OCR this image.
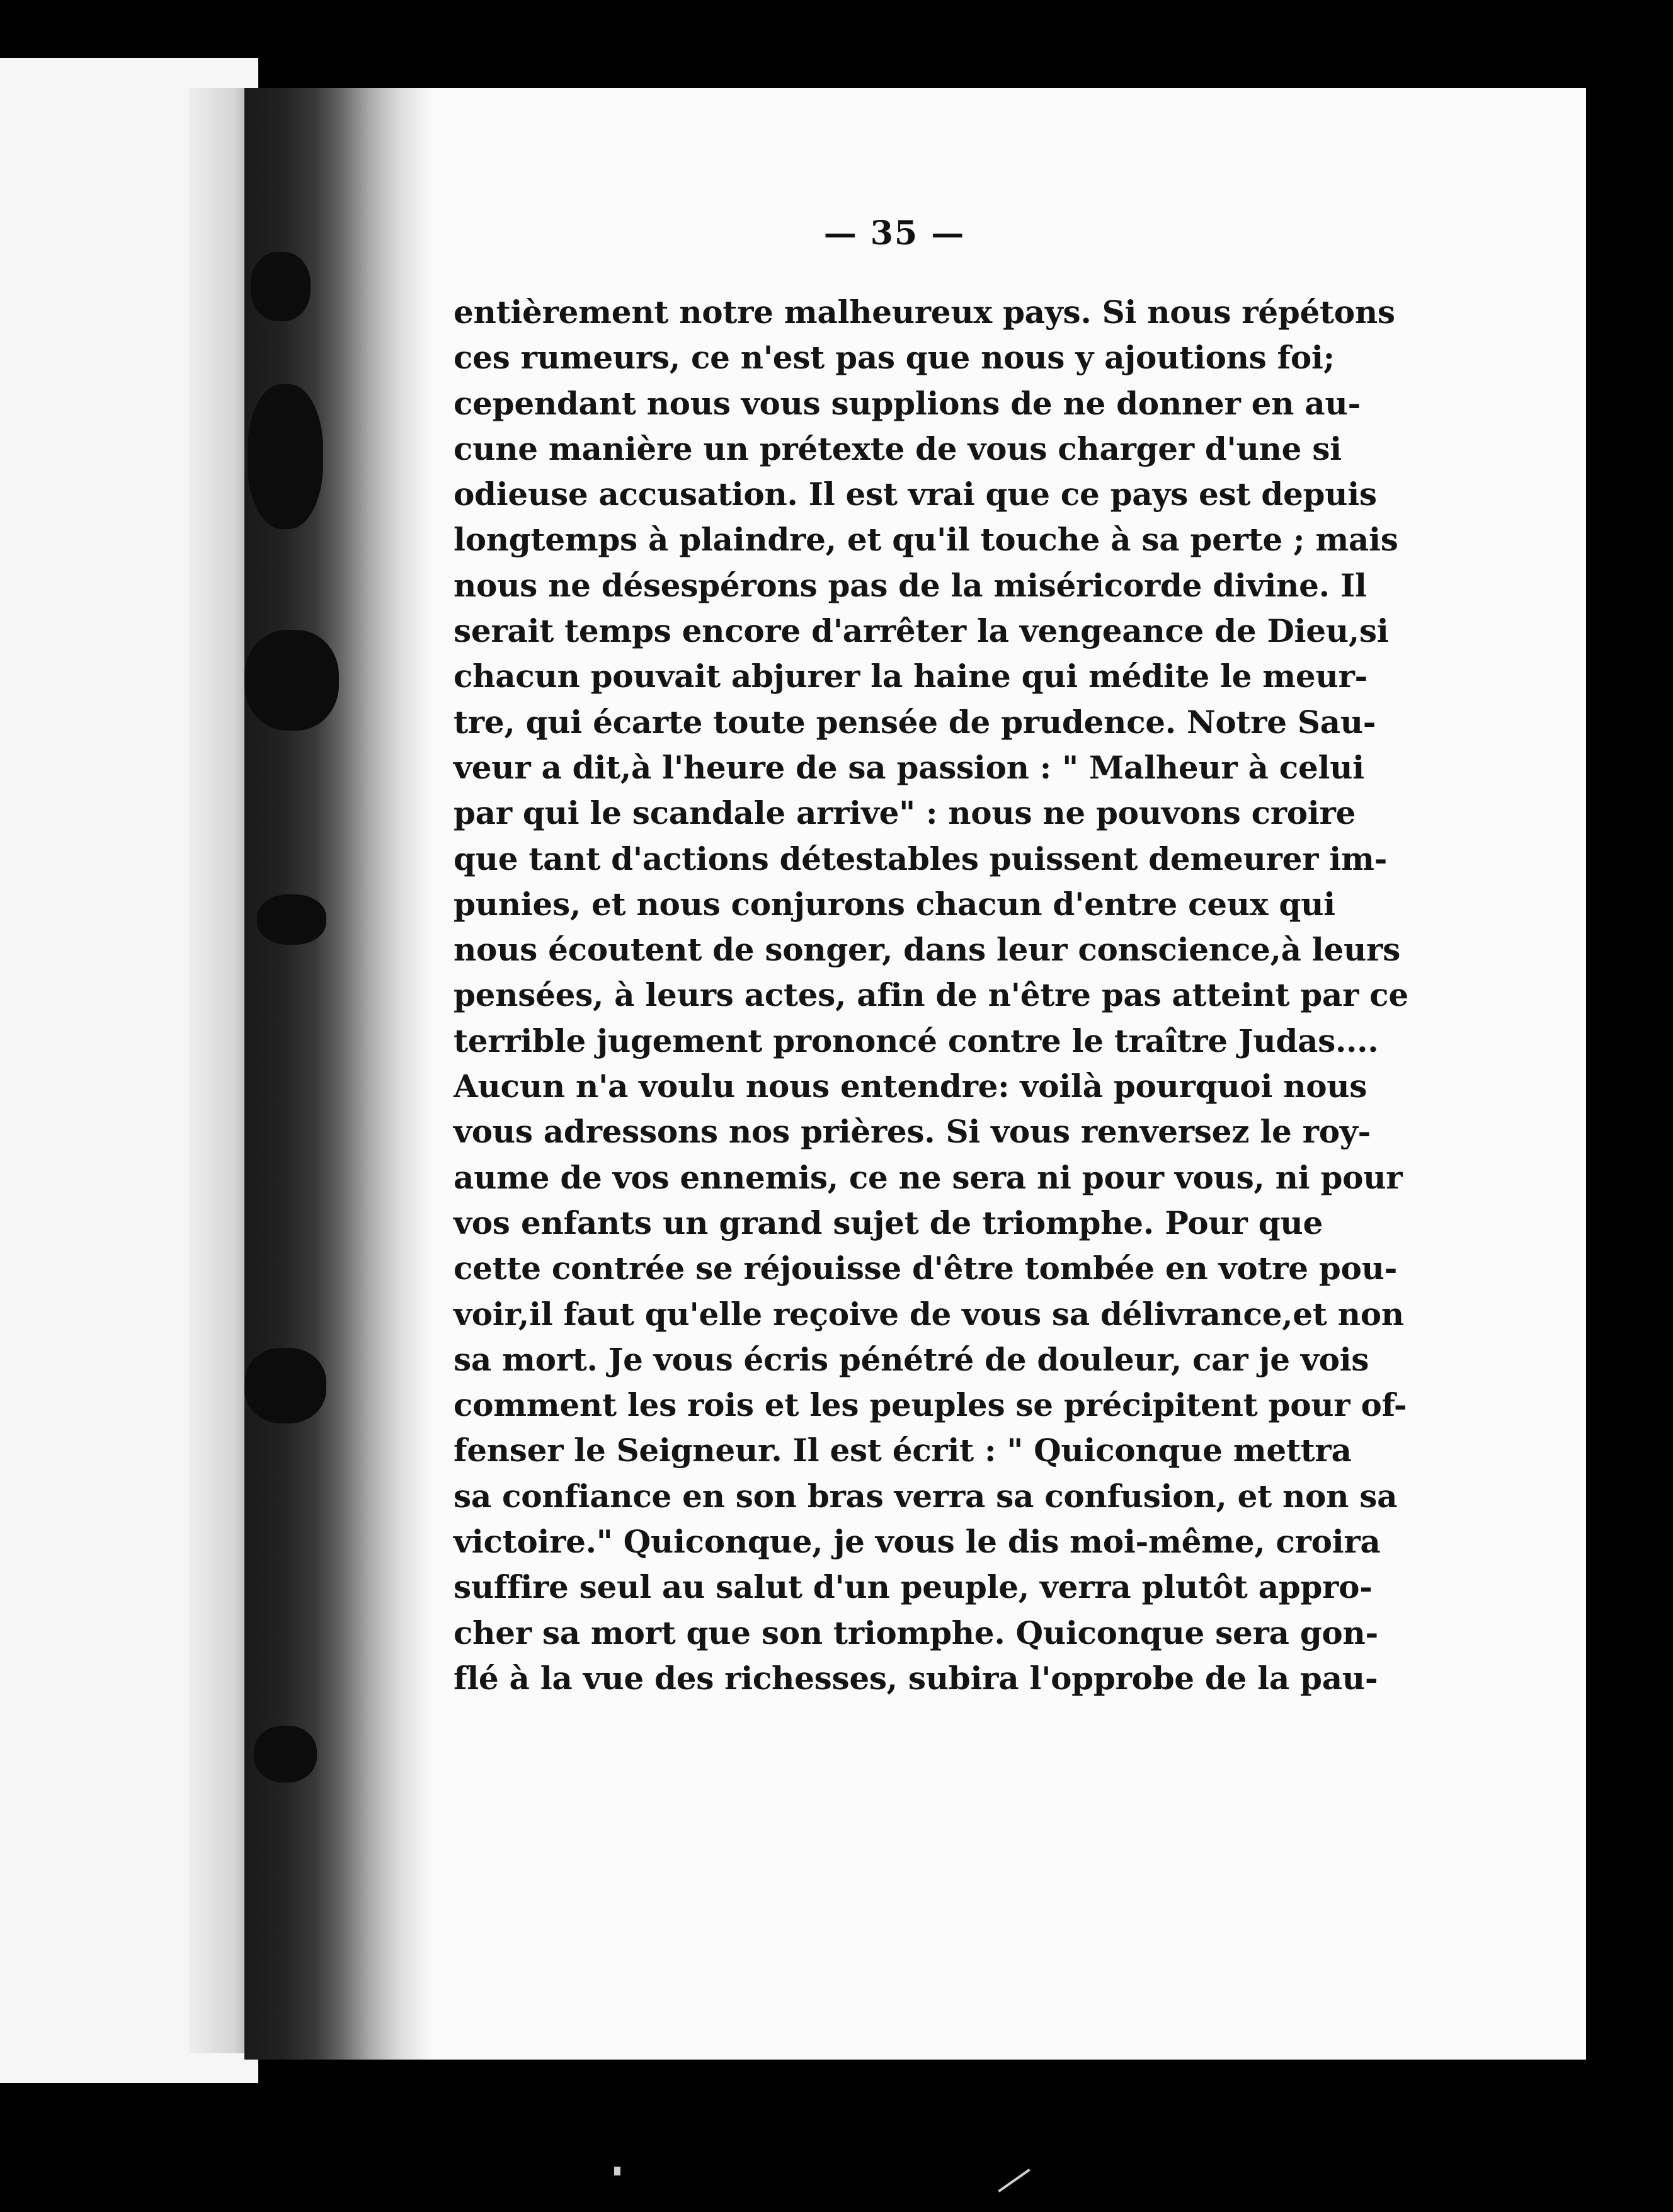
— 35 —
entièrement notre malheureux pays. Si nous répétons
ces rumeurs, ce n'est pas que nous y ajoutions foi;
cependant nous vous supplions de ne donner en au-
cune manière un prétexte de vous charger d'une si
odieuse accusation. Il est vrai que ce pays est depuis
longtemps à plaindre, et qu'il touche à sa perte ; mais
nous ne désespérons pas de la miséricorde divine. Il
serait temps encore d'arrêter la vengeance de Dieu,si
chacun pouvait abjurer la haine qui médite le meur-
tre, qui écarte toute pensée de prudence. Notre Sau-
veur a dit,à l'heure de sa passion : " Malheur à celui
par qui le scandale arrive" : nous ne pouvons croire
que tant d'actions détestables puissent demeurer im-
punies, et nous conjurons chacun d'entre ceux qui
nous écoutent de songer, dans leur conscience,à leurs
pensées, à leurs actes, afin de n'être pas atteint par ce
terrible jugement prononcé contre le traître Judas....
Aucun n'a voulu nous entendre: voilà pourquoi nous
vous adressons nos prières. Si vous renversez le roy-
aume de vos ennemis, ce ne sera ni pour vous, ni pour
vos enfants un grand sujet de triomphe. Pour que
cette contrée se réjouisse d'être tombée en votre pou-
voir,il faut qu'elle reçoive de vous sa délivrance,et non
sa mort. Je vous écris pénétré de douleur, car je vois
comment les rois et les peuples se précipitent pour of-
fenser le Seigneur. Il est écrit : " Quiconque mettra
sa confiance en son bras verra sa confusion, et non sa
victoire." Quiconque, je vous le dis moi-même, croira
suffire seul au salut d'un peuple, verra plutôt appro-
cher sa mort que son triomphe. Quiconque sera gon-
flé à la vue des richesses, subira l'opprobe de la pau-
